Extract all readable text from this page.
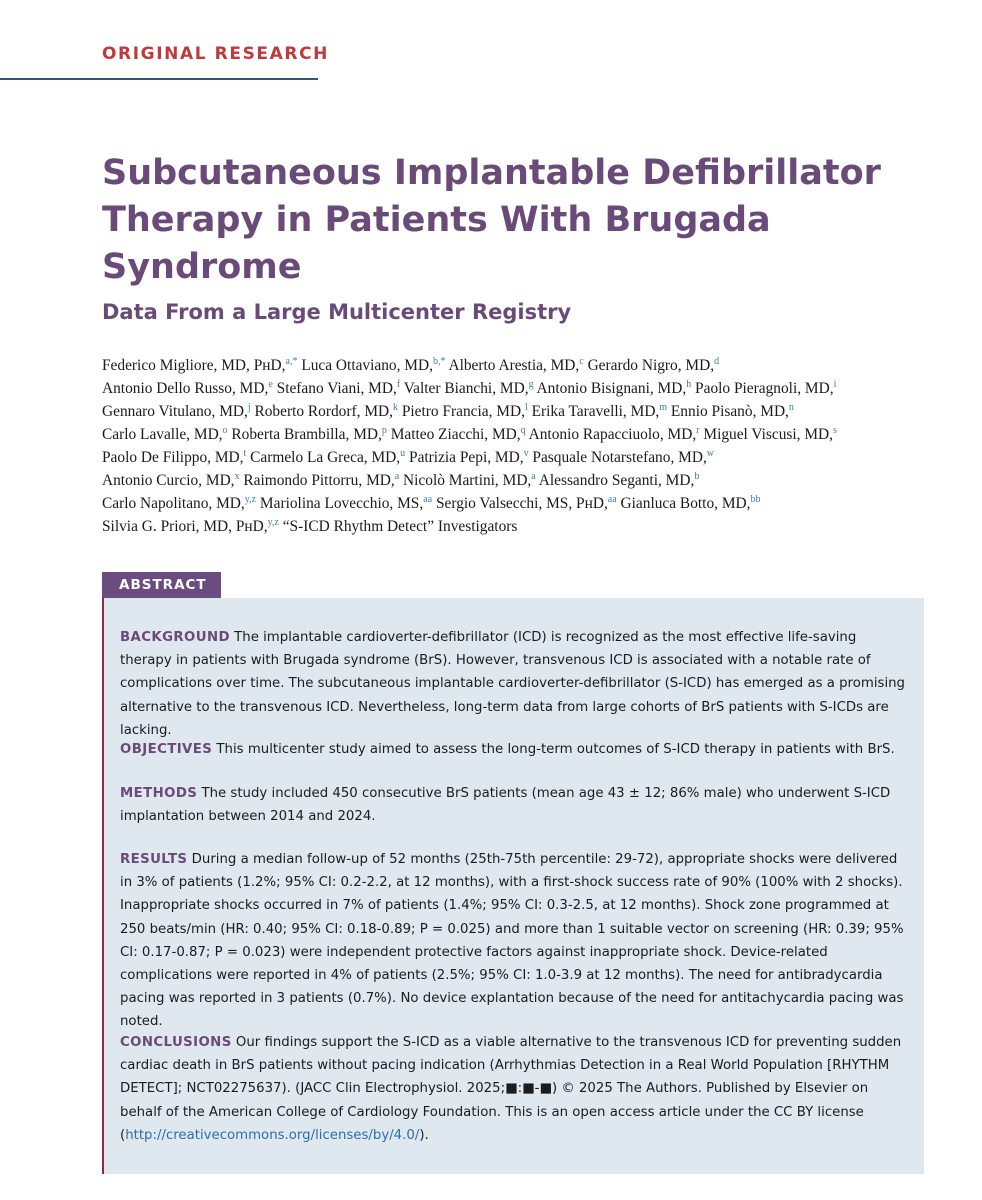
ORIGINAL RESEARCH
Subcutaneous Implantable Defibrillator Therapy in Patients With Brugada Syndrome
Data From a Large Multicenter Registry
Federico Migliore, MD, PʜD,$^{a,*}$ Luca Ottaviano, MD,$^{b,*}$ Alberto Arestia, MD,$^c$ Gerardo Nigro, MD,$^d$
Antonio Dello Russo, MD,$^e$ Stefano Viani, MD,$^f$ Valter Bianchi, MD,$^g$ Antonio Bisignani, MD,$^h$ Paolo Pieragnoli, MD,$^i$
Gennaro Vitulano, MD,$^j$ Roberto Rordorf, MD,$^k$ Pietro Francia, MD,$^l$ Erika Taravelli, MD,$^m$ Ennio Pisanò, MD,$^n$
Carlo Lavalle, MD,$^o$ Roberta Brambilla, MD,$^p$ Matteo Ziacchi, MD,$^q$ Antonio Rapacciuolo, MD,$^r$ Miguel Viscusi, MD,$^s$
Paolo De Filippo, MD,$^t$ Carmelo La Greca, MD,$^u$ Patrizia Pepi, MD,$^v$ Pasquale Notarstefano, MD,$^w$
Antonio Curcio, MD,$^x$ Raimondo Pittorru, MD,$^a$ Nicolò Martini, MD,$^a$ Alessandro Seganti, MD,$^b$
Carlo Napolitano, MD,$^{y,z}$ Mariolina Lovecchio, MS,$^{aa}$ Sergio Valsecchi, MS, PʜD,$^{aa}$ Gianluca Botto, MD,$^{bb}$
Silvia G. Priori, MD, PʜD,$^{y,z}$ “S-ICD Rhythm Detect” Investigators
ABSTRACT

BACKGROUND The implantable cardioverter-defibrillator (ICD) is recognized as the most effective life-saving therapy in patients with Brugada syndrome (BrS). However, transvenous ICD is associated with a notable rate of complications over time. The subcutaneous implantable cardioverter-defibrillator (S-ICD) has emerged as a promising alternative to the transvenous ICD. Nevertheless, long-term data from large cohorts of BrS patients with S-ICDs are lacking.

OBJECTIVES This multicenter study aimed to assess the long-term outcomes of S-ICD therapy in patients with BrS.

METHODS The study included 450 consecutive BrS patients (mean age 43 ± 12; 86% male) who underwent S-ICD implantation between 2014 and 2024.

RESULTS During a median follow-up of 52 months (25th-75th percentile: 29-72), appropriate shocks were delivered in 3% of patients (1.2%; 95% CI: 0.2-2.2, at 12 months), with a first-shock success rate of 90% (100% with 2 shocks). Inappropriate shocks occurred in 7% of patients (1.4%; 95% CI: 0.3-2.5, at 12 months). Shock zone programmed at 250 beats/min (HR: 0.40; 95% CI: 0.18-0.89; P = 0.025) and more than 1 suitable vector on screening (HR: 0.39; 95% CI: 0.17-0.87; P = 0.023) were independent protective factors against inappropriate shock. Device-related complications were reported in 4% of patients (2.5%; 95% CI: 1.0-3.9 at 12 months). The need for antibradycardia pacing was reported in 3 patients (0.7%). No device explantation because of the need for antitachycardia pacing was noted.

CONCLUSIONS Our findings support the S-ICD as a viable alternative to the transvenous ICD for preventing sudden cardiac death in BrS patients without pacing indication (Arrhythmias Detection in a Real World Population [RHYTHM DETECT]; NCT02275637). (JACC Clin Electrophysiol. 2025;■:■-■) © 2025 The Authors. Published by Elsevier on behalf of the American College of Cardiology Foundation. This is an open access article under the CC BY license (http://creativecommons.org/licenses/by/4.0/).
